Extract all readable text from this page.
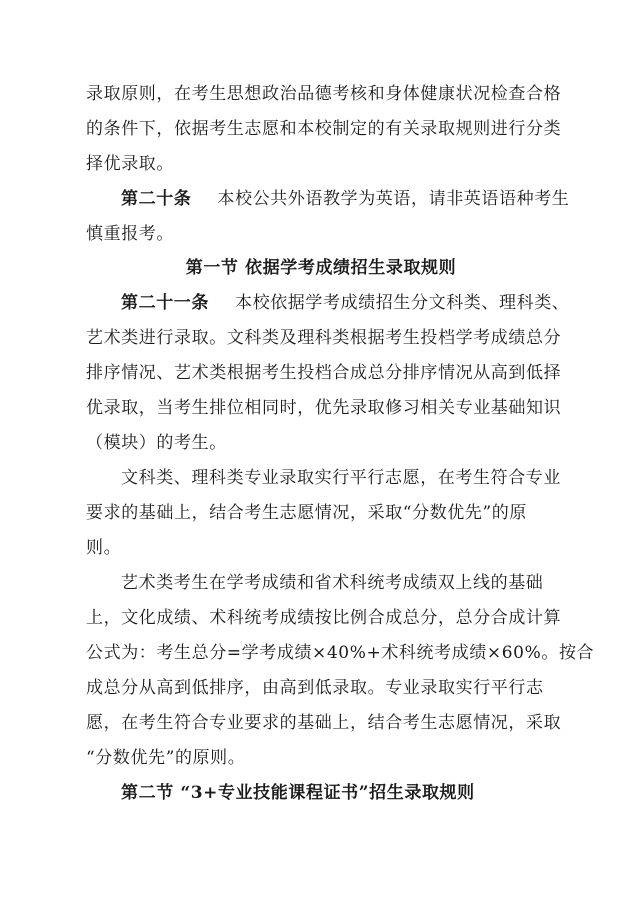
录取原则，在考生思想政治品德考核和身体健康状况检查合格
的条件下，依据考生志愿和本校制定的有关录取规则进行分类
择优录取。
第二十条 本校公共外语教学为英语，请非英语语种考生
慎重报考。
第一节 依据学考成绩招生录取规则
第二十一条 本校依据学考成绩招生分文科类、理科类、
艺术类进行录取。文科类及理科类根据考生投档学考成绩总分
排序情况、艺术类根据考生投档合成总分排序情况从高到低择
优录取，当考生排位相同时，优先录取修习相关专业基础知识
（模块）的考生。
文科类、理科类专业录取实行平行志愿，在考生符合专业
要求的基础上，结合考生志愿情况，采取“分数优先”的原
则。
艺术类考生在学考成绩和省术科统考成绩双上线的基础
上，文化成绩、术科统考成绩按比例合成总分，总分合成计算
公式为：考生总分=学考成绩×40%+术科统考成绩×60%。按合
成总分从高到低排序，由高到低录取。专业录取实行平行志
愿，在考生符合专业要求的基础上，结合考生志愿情况，采取
“分数优先”的原则。
第二节 “3+专业技能课程证书”招生录取规则
